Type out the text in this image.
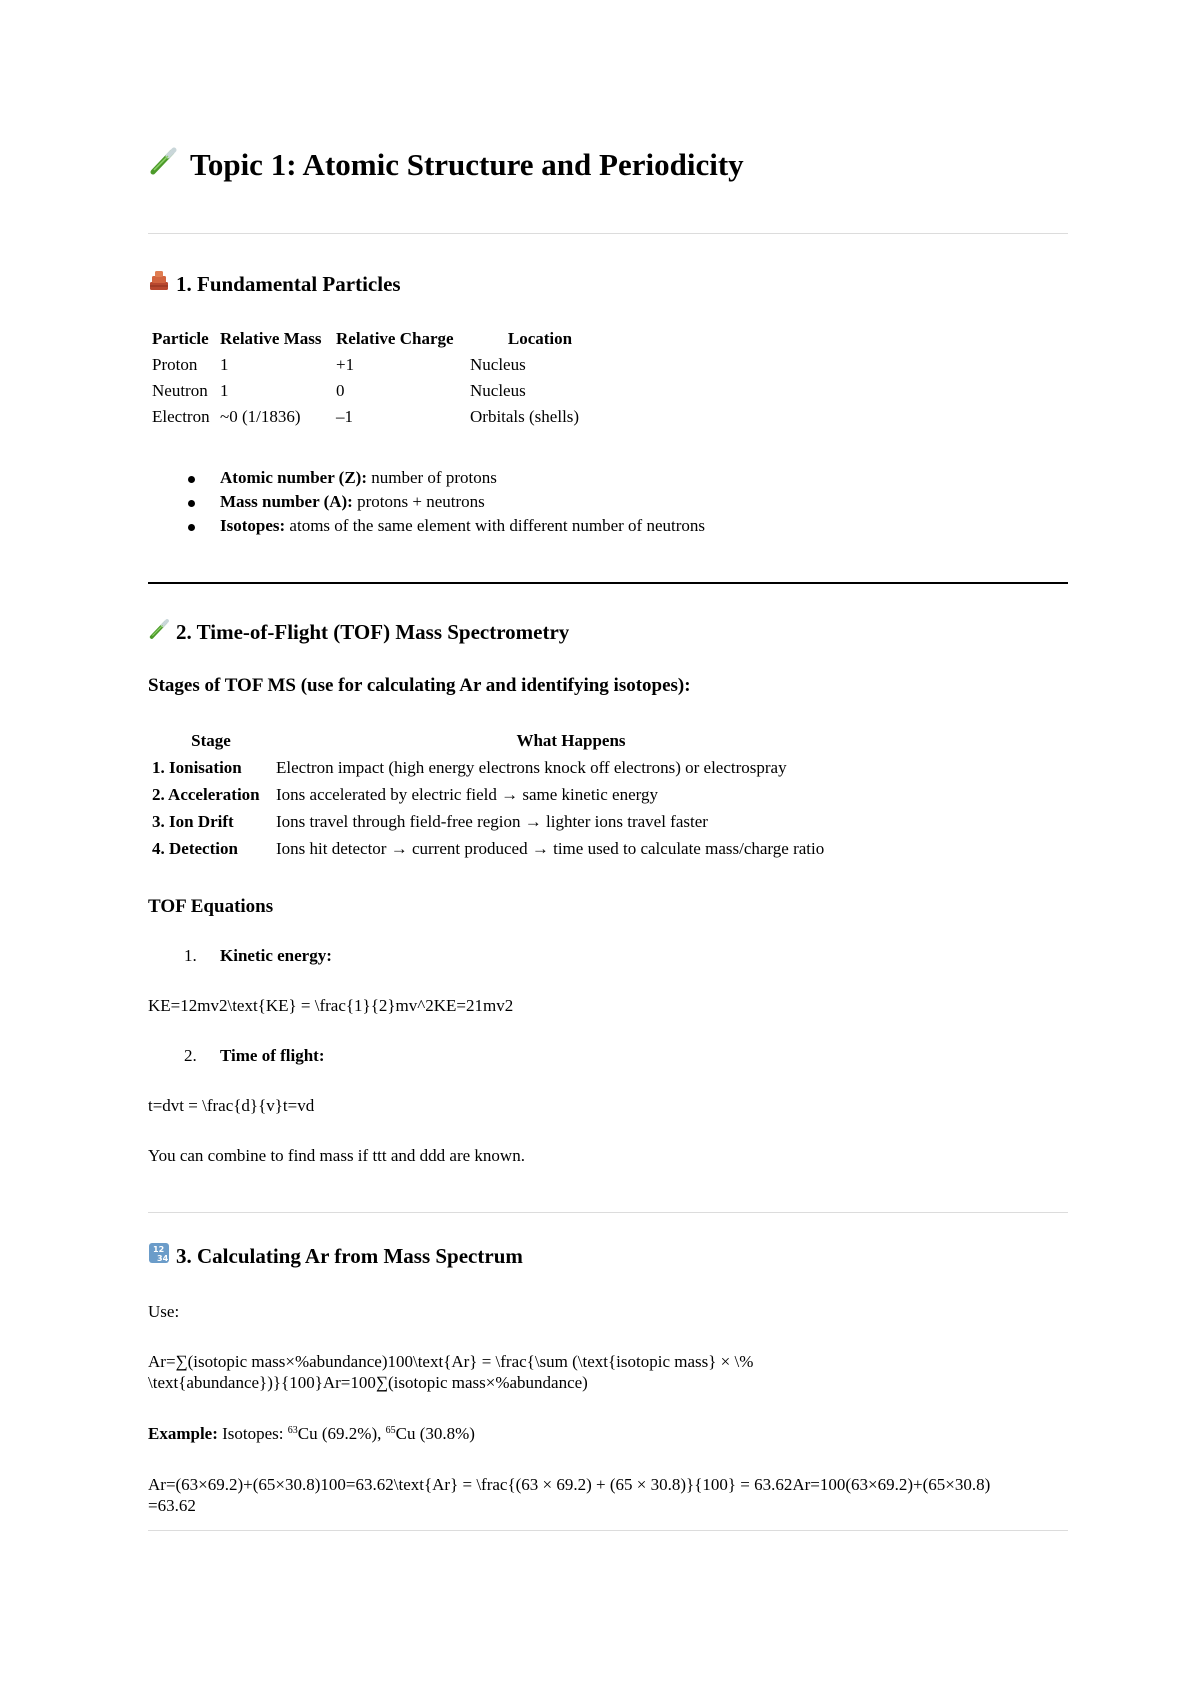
Topic 1: Atomic Structure and Periodicity
1. Fundamental Particles
Particle	Relative Mass	Relative Charge	Location
Proton	1	+1	Nucleus
Neutron	1	0	Nucleus
Electron	~0 (1/1836)	–1	Orbitals (shells)
Atomic number (Z): number of protons
Mass number (A): protons + neutrons
Isotopes: atoms of the same element with different number of neutrons
2. Time-of-Flight (TOF) Mass Spectrometry

Stages of TOF MS (use for calculating Ar and identifying isotopes):

Stage	What Happens
1. Ionisation	Electron impact (high energy electrons knock off electrons) or electrospray
2. Acceleration	Ions accelerated by electric field → same kinetic energy
3. Ion Drift	Ions travel through field-free region → lighter ions travel faster
4. Detection	Ions hit detector → current produced → time used to calculate mass/charge ratio

TOF Equations

1. Kinetic energy:

KE=12mv2\text{KE} = \frac{1}{2}mv^2KE=21mv2

2. Time of flight:

t=dvt = \frac{d}{v}t=vd

You can combine to find mass if ttt and ddd are known.

12
34 3. Calculating Ar from Mass Spectrum

Use:

Ar=∑(isotopic mass×%abundance)100\text{Ar} = \frac{\sum (\text{isotopic mass} × \%

\text{abundance})}{100}Ar=100∑(isotopic mass×%abundance)

Example: Isotopes: $^{63}$Cu (69.2%), $^{65}$Cu (30.8%)

Ar=(63×69.2)+(65×30.8)100=63.62\text{Ar} = \frac{(63 × 69.2) + (65 × 30.8)}{100} = 63.62Ar=100(63×69.2)+(65×30.8)

=63.62
